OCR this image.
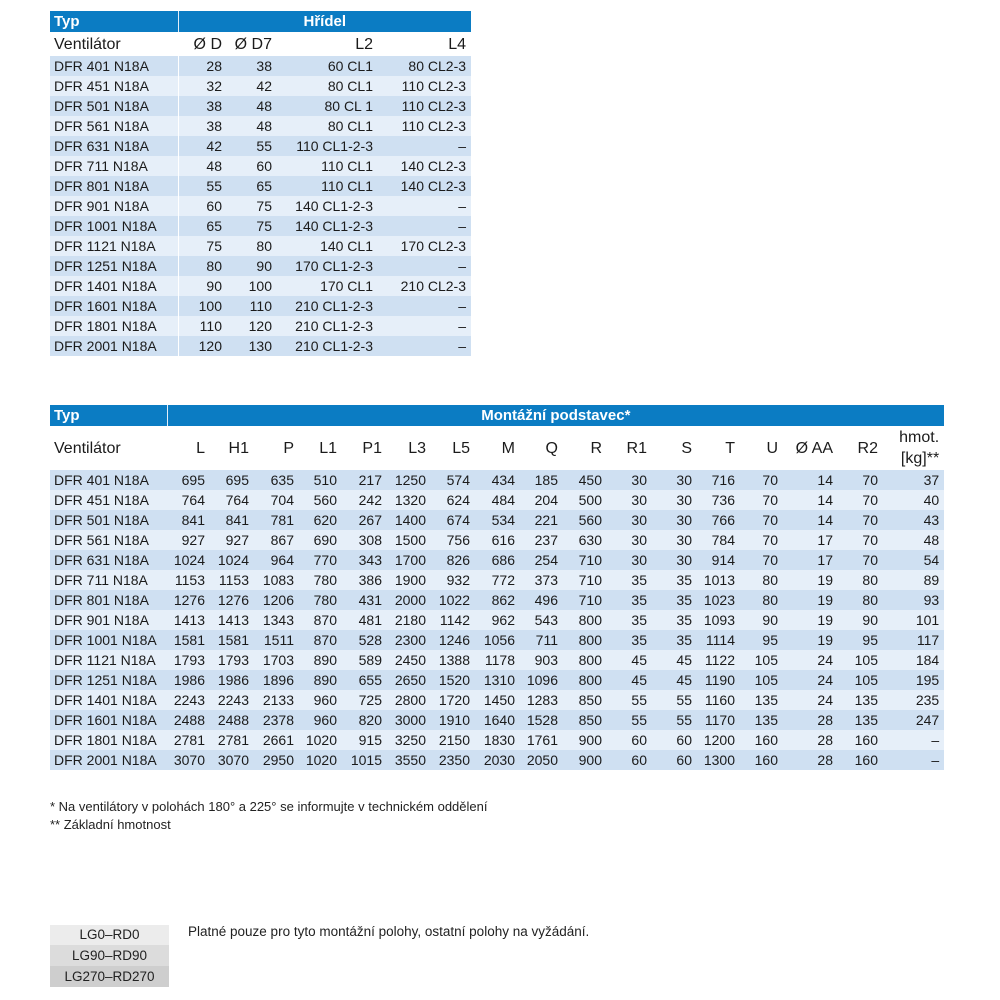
Typ	Hřídel			
Ventilátor	Ø D	Ø D7	L2	L4
DFR 401 N18A	28	38	60 CL1	80 CL2-3
DFR 451 N18A	32	42	80 CL1	110 CL2-3
DFR 501 N18A	38	48	80 CL 1	110 CL2-3
DFR 561 N18A	38	48	80 CL1	110 CL2-3
DFR 631 N18A	42	55	110 CL1-2-3	–
DFR 711 N18A	48	60	110 CL1	140 CL2-3
DFR 801 N18A	55	65	110 CL1	140 CL2-3
DFR 901 N18A	60	75	140 CL1-2-3	–
DFR 1001 N18A	65	75	140 CL1-2-3	–
DFR 1121 N18A	75	80	140 CL1	170 CL2-3
DFR 1251 N18A	80	90	170 CL1-2-3	–
DFR 1401 N18A	90	100	170 CL1	210 CL2-3
DFR 1601 N18A	100	110	210 CL1-2-3	–
DFR 1801 N18A	110	120	210 CL1-2-3	–
DFR 2001 N18A	120	130	210 CL1-2-3	–
Typ	Montážní podstavec*																
Ventilátor	L	H1	P	L1	P1	L3	L5	M	Q	R	R1	S	T	U	Ø AA	R2	hmot.
[kg]**

DFR 401 N18A	695	695	635	510	217	1250	574	434	185	450	30	30	716	70	14	70	37
DFR 451 N18A	764	764	704	560	242	1320	624	484	204	500	30	30	736	70	14	70	40
DFR 501 N18A	841	841	781	620	267	1400	674	534	221	560	30	30	766	70	14	70	43
DFR 561 N18A	927	927	867	690	308	1500	756	616	237	630	30	30	784	70	17	70	48
DFR 631 N18A	1024	1024	964	770	343	1700	826	686	254	710	30	30	914	70	17	70	54
DFR 711 N18A	1153	1153	1083	780	386	1900	932	772	373	710	35	35	1013	80	19	80	89
DFR 801 N18A	1276	1276	1206	780	431	2000	1022	862	496	710	35	35	1023	80	19	80	93
DFR 901 N18A	1413	1413	1343	870	481	2180	1142	962	543	800	35	35	1093	90	19	90	101
DFR 1001 N18A	1581	1581	1511	870	528	2300	1246	1056	711	800	35	35	1114	95	19	95	117
DFR 1121 N18A	1793	1793	1703	890	589	2450	1388	1178	903	800	45	45	1122	105	24	105	184
DFR 1251 N18A	1986	1986	1896	890	655	2650	1520	1310	1096	800	45	45	1190	105	24	105	195
DFR 1401 N18A	2243	2243	2133	960	725	2800	1720	1450	1283	850	55	55	1160	135	24	135	235
DFR 1601 N18A	2488	2488	2378	960	820	3000	1910	1640	1528	850	55	55	1170	135	28	135	247
DFR 1801 N18A	2781	2781	2661	1020	915	3250	2150	1830	1761	900	60	60	1200	160	28	160	–
DFR 2001 N18A	3070	3070	2950	1020	1015	3550	2350	2030	2050	900	60	60	1300	160	28	160	–
* Na ventilátory v polohách 180° a 225° se informujte v technickém oddělení
** Základní hmotnost
LG0–RD0
LG90–RD90
LG270–RD270
Platné pouze pro tyto montážní polohy, ostatní polohy na vyžádání.
